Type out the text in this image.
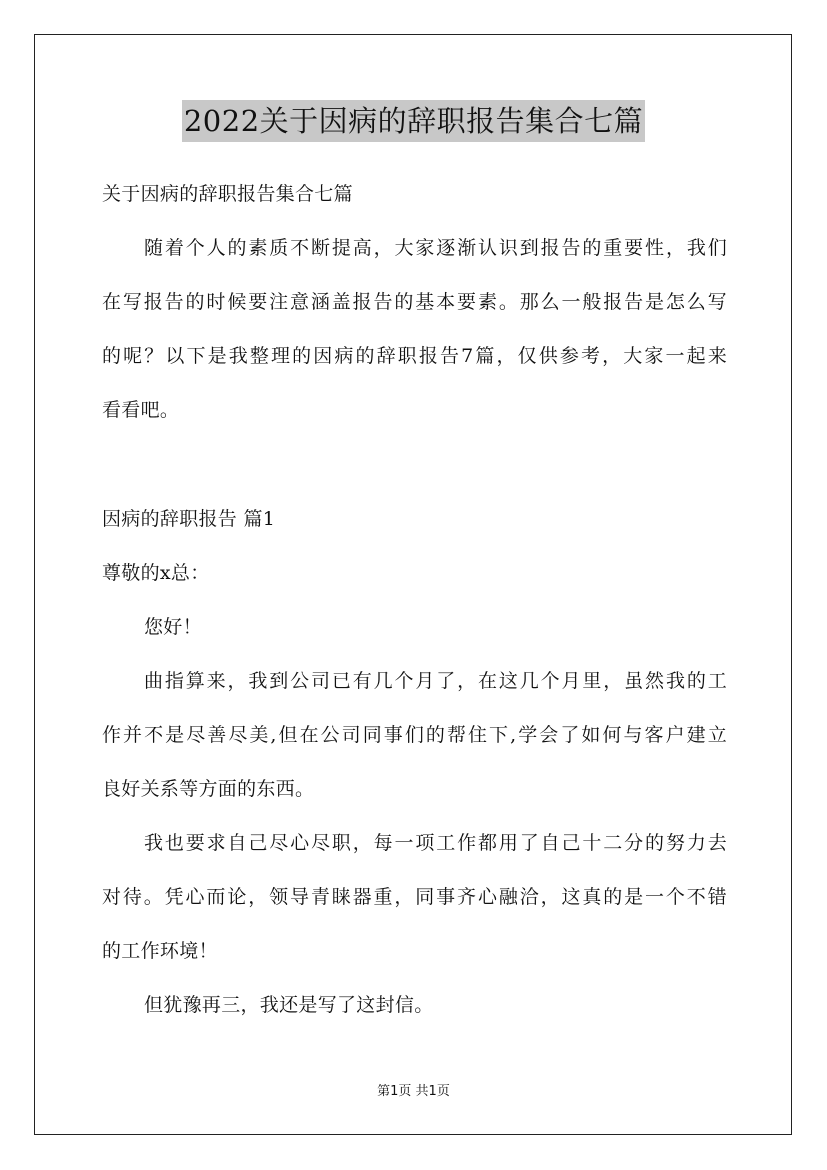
2022关于因病的辞职报告集合七篇
关于因病的辞职报告集合七篇
随着个人的素质不断提高，大家逐渐认识到报告的重要性，我们
在写报告的时候要注意涵盖报告的基本要素。那么一般报告是怎么写
的呢？以下是我整理的因病的辞职报告7篇，仅供参考，大家一起来
看看吧。
因病的辞职报告 篇1
尊敬的x总：
您好！
曲指算来，我到公司已有几个月了，在这几个月里，虽然我的工
作并不是尽善尽美,但在公司同事们的帮住下,学会了如何与客户建立
良好关系等方面的东西。
我也要求自己尽心尽职，每一项工作都用了自己十二分的努力去
对待。凭心而论，领导青睐器重，同事齐心融洽，这真的是一个不错
的工作环境！
但犹豫再三，我还是写了这封信。
第1页 共1页
